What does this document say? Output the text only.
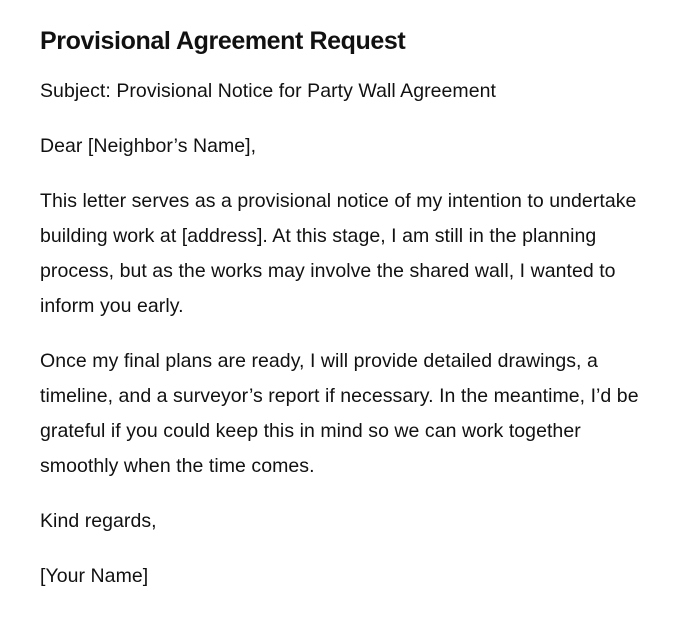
Provisional Agreement Request

Subject: Provisional Notice for Party Wall Agreement

Dear [Neighbor’s Name],

This letter serves as a provisional notice of my intention to undertake building work at [address]. At this stage, I am still in the planning process, but as the works may involve the shared wall, I wanted to inform you early.

Once my final plans are ready, I will provide detailed drawings, a timeline, and a surveyor’s report if necessary. In the meantime, I’d be grateful if you could keep this in mind so we can work together smoothly when the time comes.

Kind regards,

[Your Name]
